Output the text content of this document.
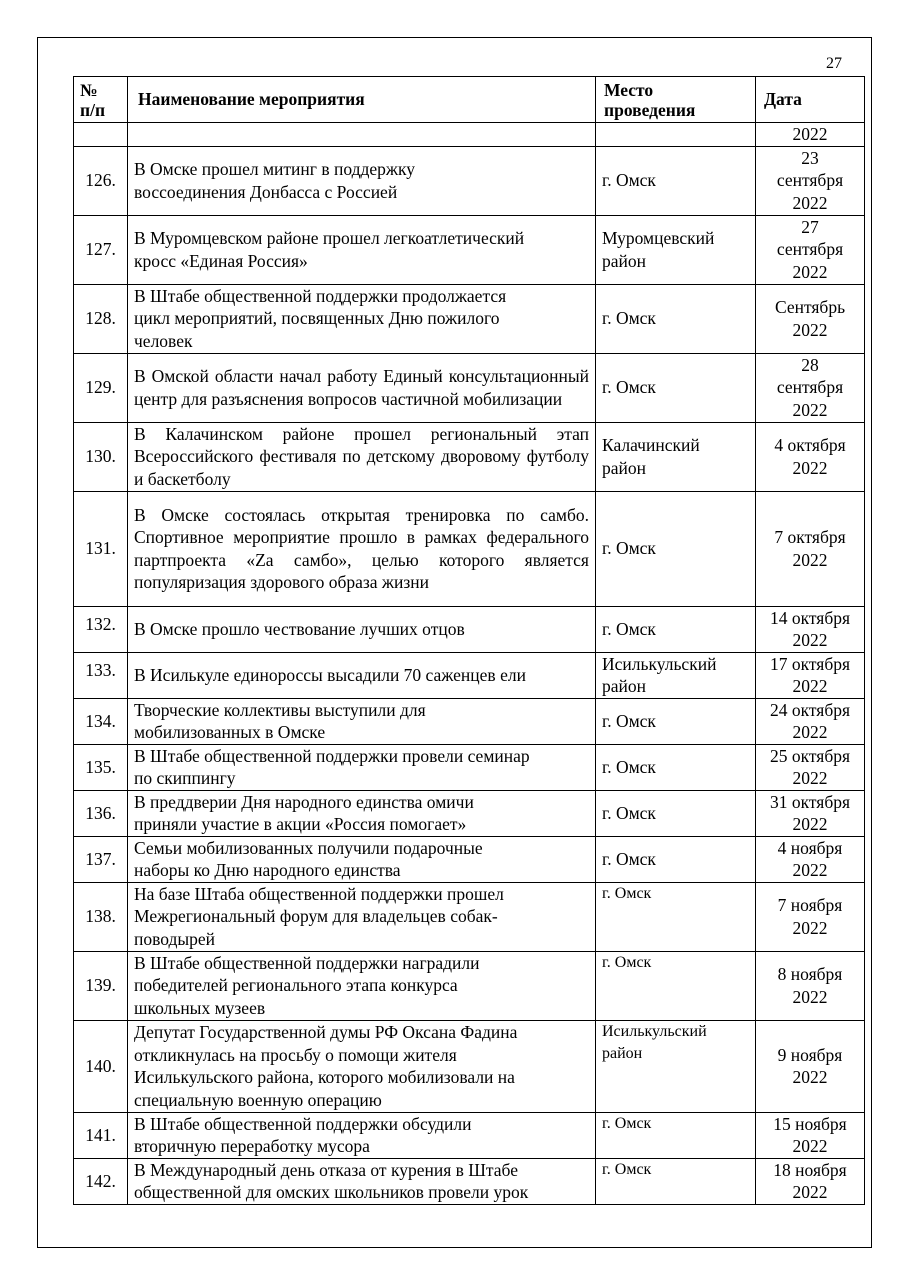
27
№
п/п	Наименование мероприятия	Место
проведения	Дата
			2022
126.	В Омске прошел митинг в поддержку
воссоединения Донбасса с Россией	г. Омск	23
сентября
2022
127.	В Муромцевском районе прошел легкоатлетический
кросс «Единая Россия»	Муромцевский
район	27
сентября
2022
128.	В Штабе общественной поддержки продолжается
цикл мероприятий, посвященных Дню пожилого
человек	г. Омск	Сентябрь
2022
129.	В Омской области начал работу Единый консультационный центр для разъяснения вопросов частичной мобилизации	г. Омск	28
сентября
2022
130.	В Калачинском районе прошел региональный этап Всероссийского фестиваля по детскому дворовому футболу и баскетболу	Калачинский
район	4 октября
2022
131.	В Омске состоялась открытая тренировка по самбо. Спортивное мероприятие прошло в рамках федерального партпроекта «Za самбо», целью которого является популяризация здорового образа жизни	г. Омск	7 октября
2022
132.	В Омске прошло чествование лучших отцов	г. Омск	14 октября
2022
133.	В Исилькуле единороссы высадили 70 саженцев ели	Исилькульский
район	17 октября
2022
134.	Творческие коллективы выступили для
мобилизованных в Омске	г. Омск	24 октября
2022
135.	В Штабе общественной поддержки провели семинар
по скиппингу	г. Омск	25 октября
2022
136.	В преддверии Дня народного единства омичи
приняли участие в акции «Россия помогает»	г. Омск	31 октября
2022
137.	Семьи мобилизованных получили подарочные
наборы ко Дню народного единства	г. Омск	4 ноября
2022
138.	На базе Штаба общественной поддержки прошел
Межрегиональный форум для владельцев собак-
поводырей	г. Омск	7 ноября
2022
139.	В Штабе общественной поддержки наградили
победителей регионального этапа конкурса
школьных музеев	г. Омск	8 ноября
2022
140.	Депутат Государственной думы РФ Оксана Фадина
откликнулась на просьбу о помощи жителя
Исилькульского района, которого мобилизовали на
специальную военную операцию	Исилькульский
район	9 ноября
2022
141.	В Штабе общественной поддержки обсудили
вторичную переработку мусора	г. Омск	15 ноября
2022
142.	В Международный день отказа от курения в Штабе
общественной для омских школьников провели урок	г. Омск	18 ноября
2022
